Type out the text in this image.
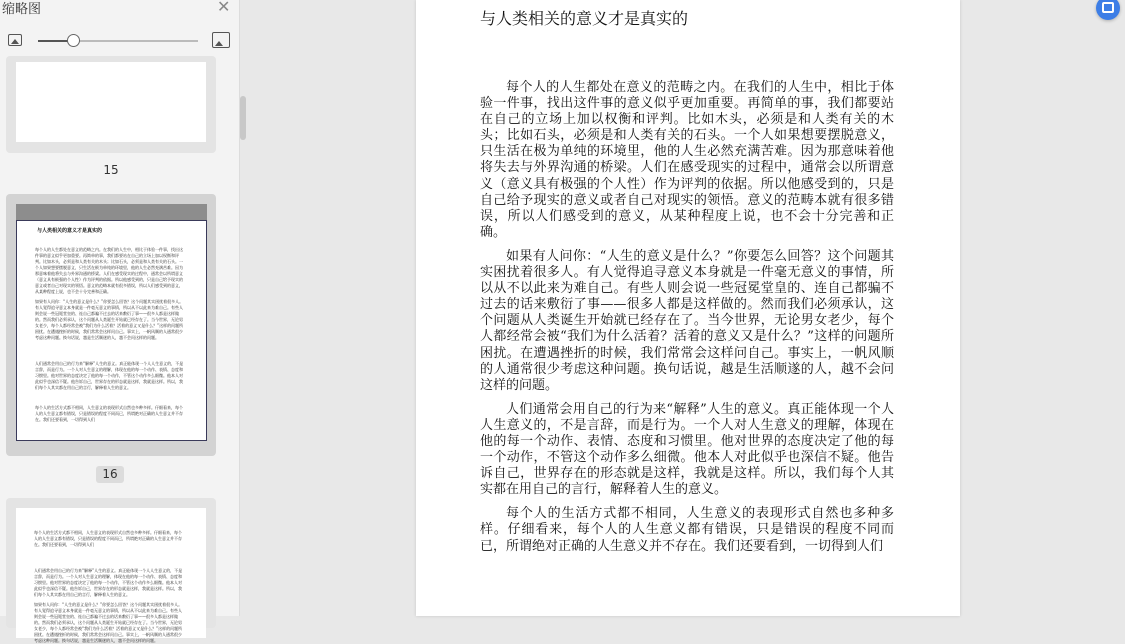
缩略图	✕
15
与人类相关的意义才是真实的
每个人的人生都处在意义的范畴之内。在我们的人生中，相比于体验一件事，找出这件事的意义似乎更加重要。再简单的事，我们都要站在自己的立场上加以权衡和评判。比如木头，必须是和人类有关的木头；比如石头，必须是和人类有关的石头。一个人如果想要摆脱意义，只生活在极为单纯的环境里，他的人生必然充满苦难。因为那意味着他将失去与外界沟通的桥梁。人们在感受现实的过程中，通常会以所谓意义（意义具有极强的个人性）作为评判的依据。所以他感受到的，只是自己给予现实的意义或者自己对现实的领悟。意义的范畴本就有很多错误，所以人们感受到的意义，从某种程度上说，也不会十分完善和正确。
如果有人问你：“人生的意义是什么？”你要怎么回答？这个问题其实困扰着很多人。有人觉得追寻意义本身就是一件毫无意义的事情，所以从不以此来为难自己。有些人则会说一些冠冕堂皇的、连自己都骗不过去的话来敷衍了事——很多人都是这样做的。然而我们必须承认，这个问题从人类诞生开始就已经存在了。当今世界，无论男女老少，每个人都经常会被“我们为什么活着？活着的意义又是什么？”这样的问题所困扰。在遭遇挫折的时候，我们常常会这样问自己。事实上，一帆风顺的人通常很少考虑这种问题。换句话说，越是生活顺遂的人，越不会问这样的问题。
人们通常会用自己的行为来“解释”人生的意义。真正能体现一个人人生意义的，不是言辞，而是行为。一个人对人生意义的理解，体现在他的每一个动作、表情、态度和习惯里。他对世界的态度决定了他的每一个动作，不管这个动作多么细微。他本人对此似乎也深信不疑。他告诉自己，世界存在的形态就是这样，我就是这样。所以，我们每个人其实都在用自己的言行，解释着人生的意义。
每个人的生活方式都不相同，人生意义的表现形式自然也多种多样。仔细看来，每个人的人生意义都有错误，只是错误的程度不同而已，所谓绝对正确的人生意义并不存在。我们还要看到，一切得到人们
16
每个人的生活方式都不相同，人生意义的表现形式自然也多种多样。仔细看来，每个人的人生意义都有错误，只是错误的程度不同而已，所谓绝对正确的人生意义并不存在。我们还要看到，一切得到人们
人们通常会用自己的行为来“解释”人生的意义。真正能体现一个人人生意义的，不是言辞，而是行为。一个人对人生意义的理解，体现在他的每一个动作、表情、态度和习惯里。他对世界的态度决定了他的每一个动作，不管这个动作多么细微。他本人对此似乎也深信不疑。他告诉自己，世界存在的形态就是这样，我就是这样。所以，我们每个人其实都在用自己的言行，解释着人生的意义。
如果有人问你：“人生的意义是什么？”你要怎么回答？这个问题其实困扰着很多人。有人觉得追寻意义本身就是一件毫无意义的事情，所以从不以此来为难自己。有些人则会说一些冠冕堂皇的、连自己都骗不过去的话来敷衍了事——很多人都是这样做的。然而我们必须承认，这个问题从人类诞生开始就已经存在了。当今世界，无论男女老少，每个人都经常会被“我们为什么活着？活着的意义又是什么？”这样的问题所困扰。在遭遇挫折的时候，我们常常会这样问自己。事实上，一帆风顺的人通常很少考虑这种问题。换句话说，越是生活顺遂的人，越不会问这样的问题。
与人类相关的意义才是真实的

每个人的人生都处在意义的范畴之内。在我们的人生中，相比于体验一件事，找出这件事的意义似乎更加重要。再简单的事，我们都要站在自己的立场上加以权衡和评判。比如木头，必须是和人类有关的木头；比如石头，必须是和人类有关的石头。一个人如果想要摆脱意义，只生活在极为单纯的环境里，他的人生必然充满苦难。因为那意味着他将失去与外界沟通的桥梁。人们在感受现实的过程中，通常会以所谓意义（意义具有极强的个人性）作为评判的依据。所以他感受到的，只是自己给予现实的意义或者自己对现实的领悟。意义的范畴本就有很多错误，所以人们感受到的意义，从某种程度上说，也不会十分完善和正确。

如果有人问你：“人生的意义是什么？”你要怎么回答？这个问题其实困扰着很多人。有人觉得追寻意义本身就是一件毫无意义的事情，所以从不以此来为难自己。有些人则会说一些冠冕堂皇的、连自己都骗不过去的话来敷衍了事——很多人都是这样做的。然而我们必须承认，这个问题从人类诞生开始就已经存在了。当今世界，无论男女老少，每个人都经常会被“我们为什么活着？活着的意义又是什么？”这样的问题所困扰。在遭遇挫折的时候，我们常常会这样问自己。事实上，一帆风顺的人通常很少考虑这种问题。换句话说，越是生活顺遂的人，越不会问这样的问题。

人们通常会用自己的行为来“解释”人生的意义。真正能体现一个人人生意义的，不是言辞，而是行为。一个人对人生意义的理解，体现在他的每一个动作、表情、态度和习惯里。他对世界的态度决定了他的每一个动作，不管这个动作多么细微。他本人对此似乎也深信不疑。他告诉自己，世界存在的形态就是这样，我就是这样。所以，我们每个人其实都在用自己的言行，解释着人生的意义。

每个人的生活方式都不相同，人生意义的表现形式自然也多种多样。仔细看来，每个人的人生意义都有错误，只是错误的程度不同而已，所谓绝对正确的人生意义并不存在。我们还要看到，一切得到人们
